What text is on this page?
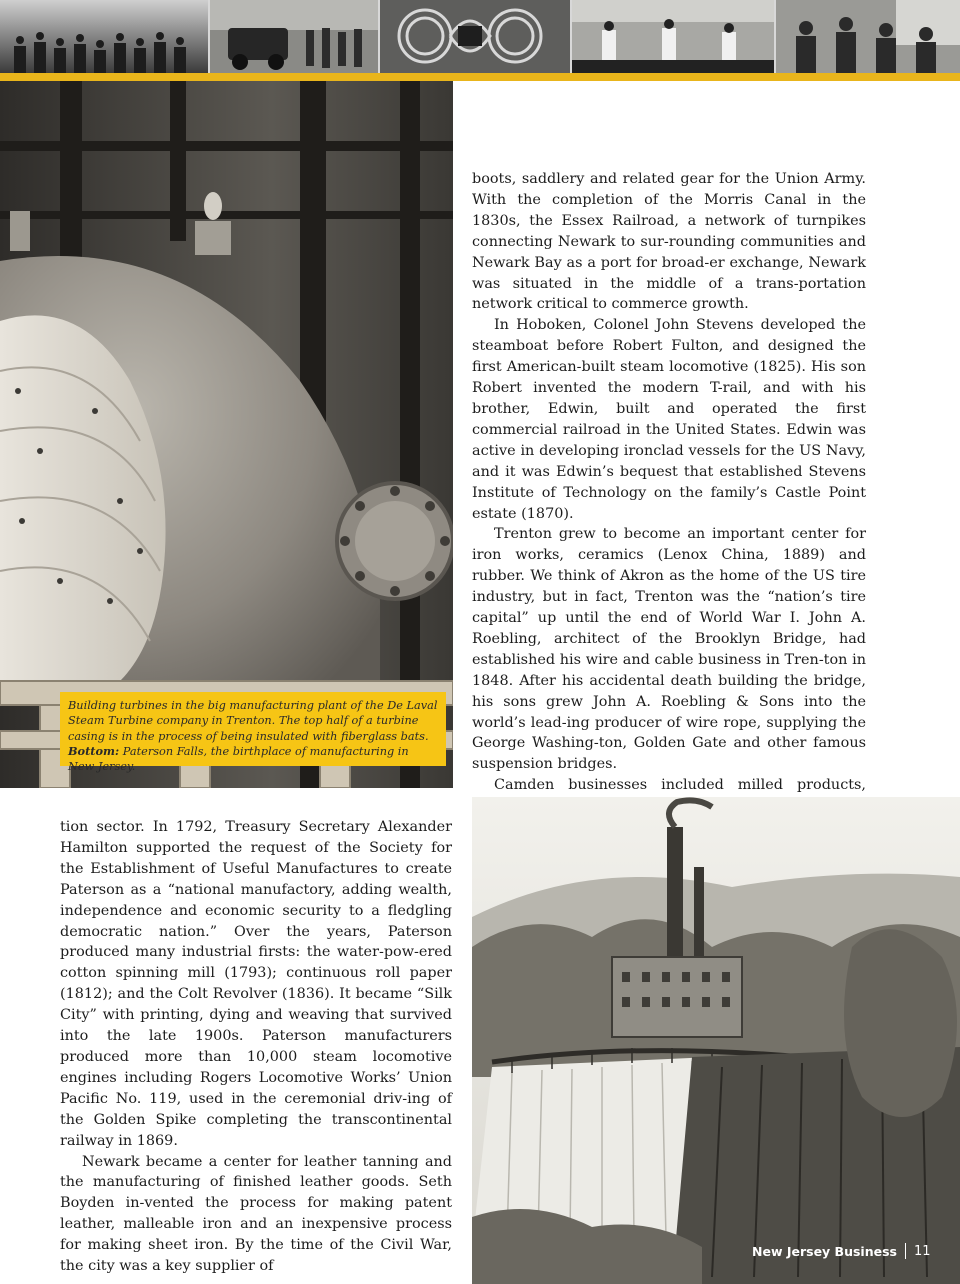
Building turbines in the big manufacturing plant of the De Laval Steam Turbine company in Trenton. The top half of a turbine casing is in the process of being insulated with fiberglass bats. Bottom: Paterson Falls, the birthplace of manufacturing in New Jersey.

boots, saddlery and related gear for the Union Army. With the completion of the Morris Canal in the 1830s, the Essex Railroad, a network of turnpikes connecting Newark to sur-rounding communities and Newark Bay as a port for broad-er exchange, Newark was situated in the middle of a trans-portation network critical to commerce growth.

In Hoboken, Colonel John Stevens developed the steamboat before Robert Fulton, and designed the first American-built steam locomotive (1825). His son Robert invented the modern T-rail, and with his brother, Edwin, built and operated the first commercial railroad in the United States. Edwin was active in developing ironclad vessels for the US Navy, and it was Edwin’s bequest that established Stevens Institute of Technology on the family’s Castle Point estate (1870).

Trenton grew to become an important center for iron works, ceramics (Lenox China, 1889) and rubber. We think of Akron as the home of the US tire industry, but in fact, Trenton was the “nation’s tire capital” up until the end of World War I. John A. Roebling, architect of the Brooklyn Bridge, had established his wire and cable business in Tren-ton in 1848. After his accidental death building the bridge, his sons grew John A. Roebling & Sons into the world’s lead-ing producer of wire rope, supplying the George Washing-ton, Golden Gate and other famous suspension bridges.

Camden businesses included milled products,

tion sector. In 1792, Treasury Secretary Alexander Hamilton supported the request of the Society for the Establishment of Useful Manufactures to create Paterson as a “national manufactory, adding wealth, independence and economic security to a fledgling democratic nation.” Over the years, Paterson produced many industrial firsts: the water-pow-ered cotton spinning mill (1793); continuous roll paper (1812); and the Colt Revolver (1836). It became “Silk City” with printing, dying and weaving that survived into the late 1900s. Paterson manufacturers produced more than 10,000 steam locomotive engines including Rogers Locomotive Works’ Union Pacific No. 119, used in the ceremonial driv-ing of the Golden Spike completing the transcontinental railway in 1869.

Newark became a center for leather tanning and the manufacturing of finished leather goods. Seth Boyden in-vented the process for making patent leather, malleable iron and an inexpensive process for making sheet iron. By the time of the Civil War, the city was a key supplier of

New Jersey Business 11
